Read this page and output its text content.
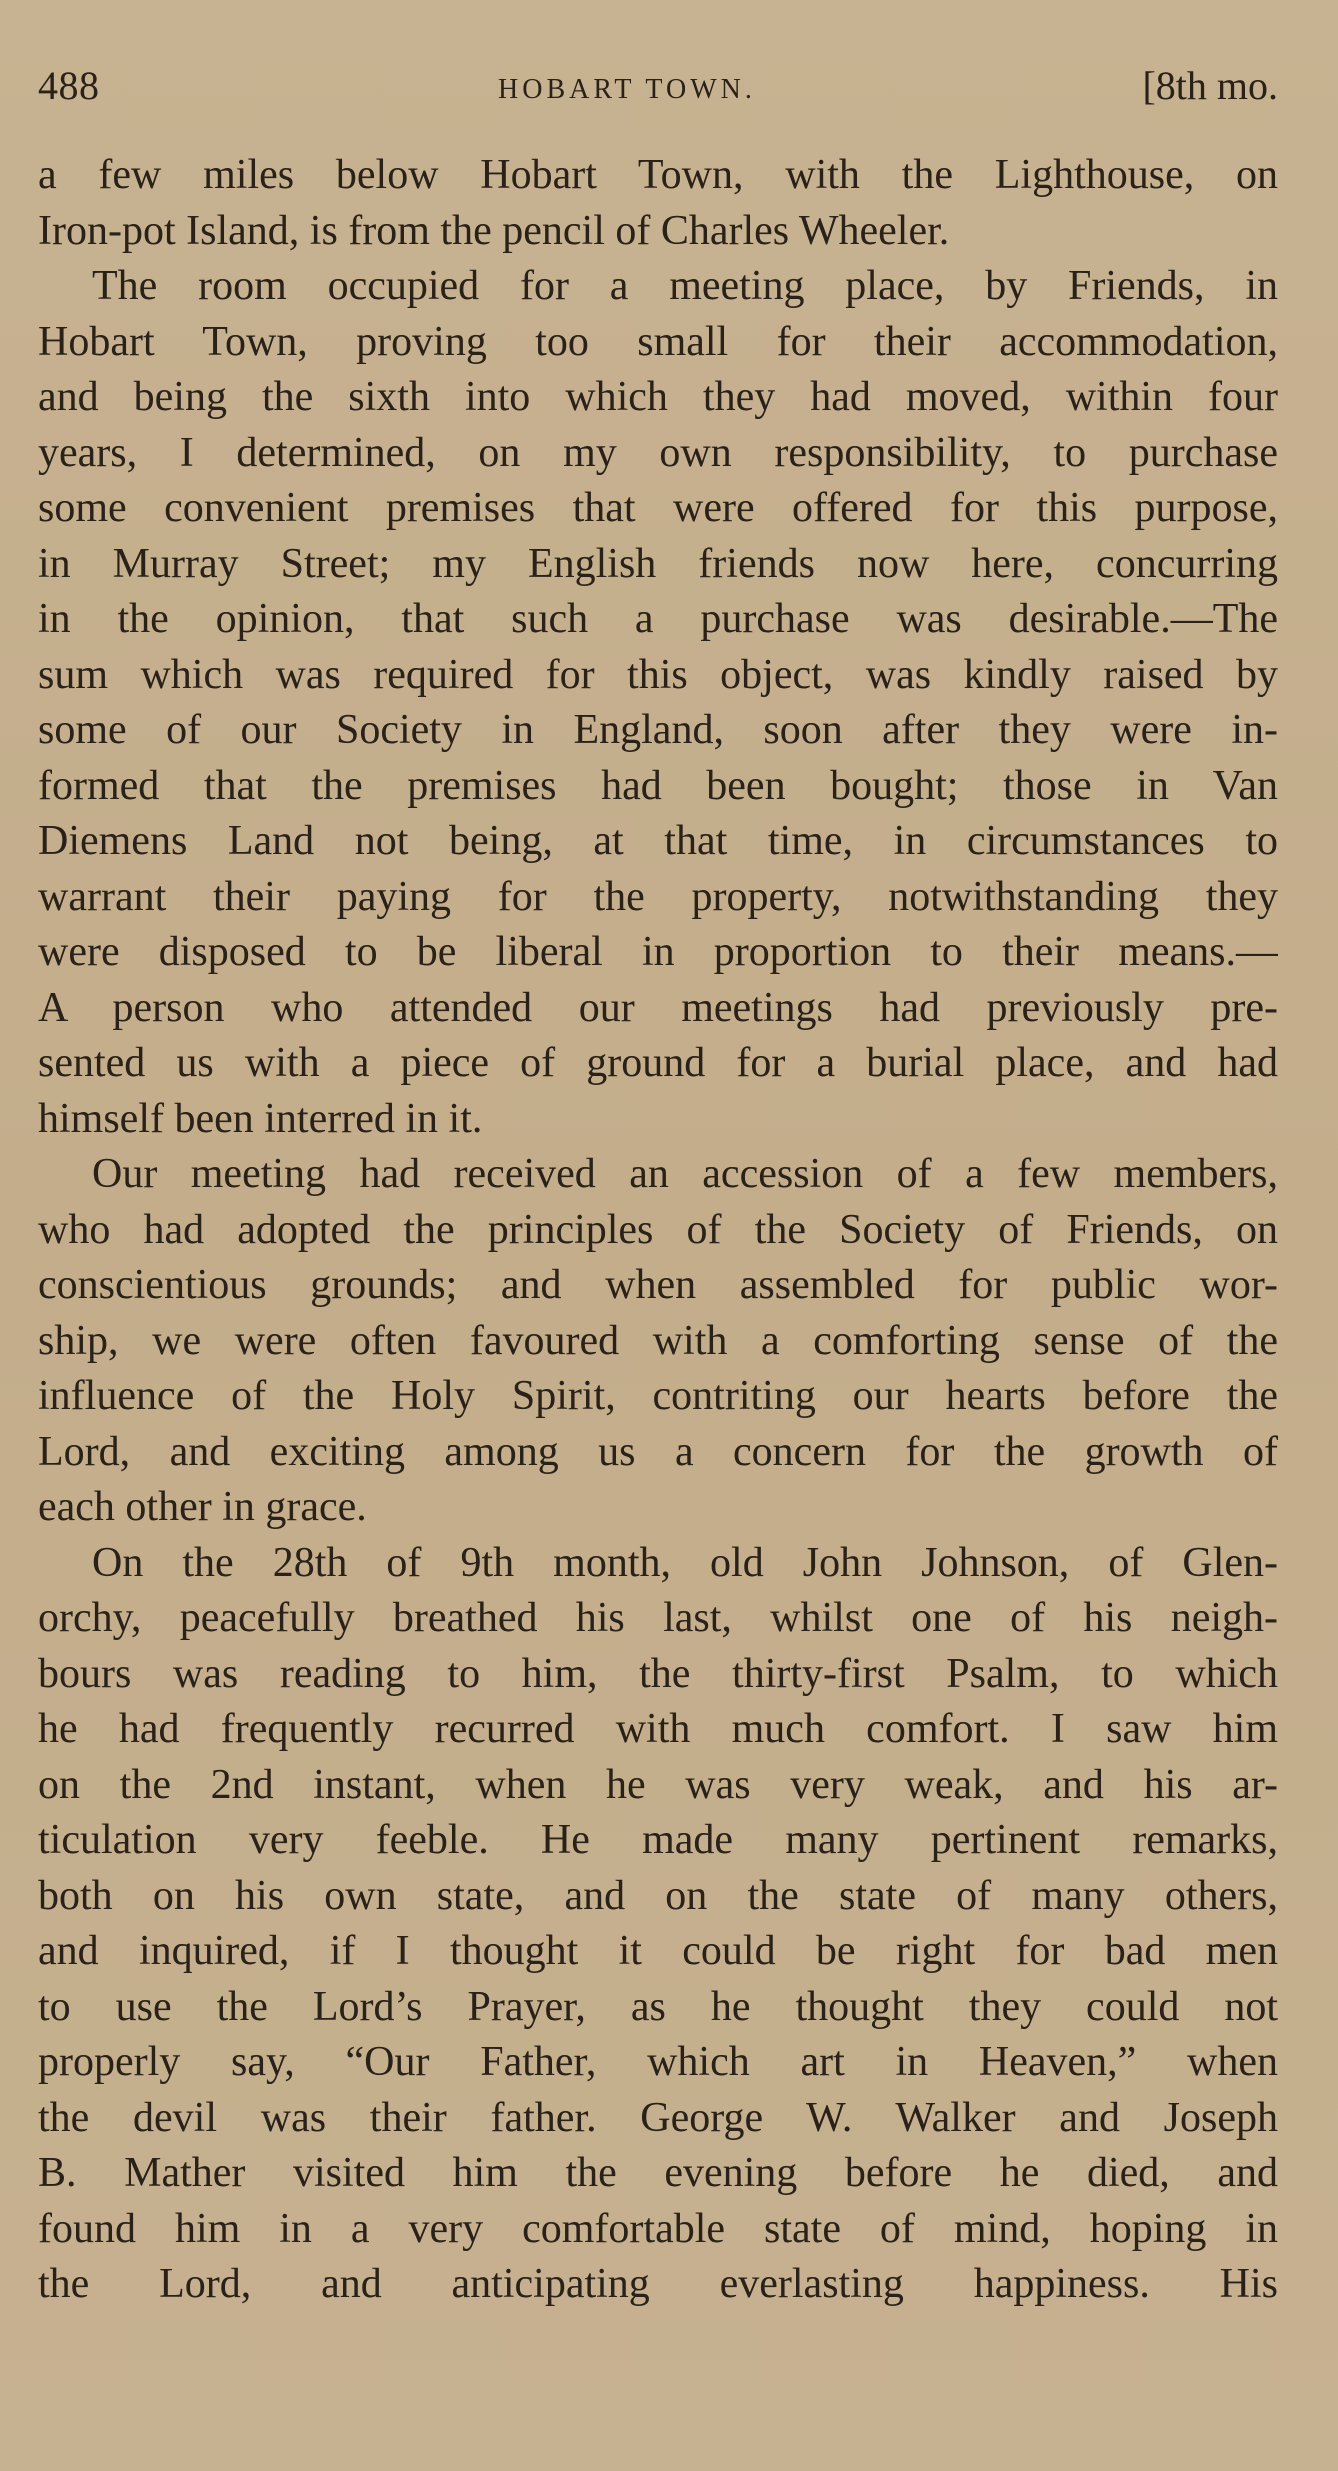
488	HOBART TOWN.	[8th mo.
a few miles below Hobart Town, with the Lighthouse, on
Iron-pot Island, is from the pencil of Charles Wheeler.
The room occupied for a meeting place, by Friends, in
Hobart Town, proving too small for their accommodation,
and being the sixth into which they had moved, within four
years, I determined, on my own responsibility, to purchase
some convenient premises that were offered for this purpose,
in Murray Street; my English friends now here, concurring
in the opinion, that such a purchase was desirable.—The
sum which was required for this object, was kindly raised by
some of our Society in England, soon after they were in-
formed that the premises had been bought; those in Van
Diemens Land not being, at that time, in circumstances to
warrant their paying for the property, notwithstanding they
were disposed to be liberal in proportion to their means.—
A person who attended our meetings had previously pre-
sented us with a piece of ground for a burial place, and had
himself been interred in it.
Our meeting had received an accession of a few members,
who had adopted the principles of the Society of Friends, on
conscientious grounds; and when assembled for public wor-
ship, we were often favoured with a comforting sense of the
influence of the Holy Spirit, contriting our hearts before the
Lord, and exciting among us a concern for the growth of
each other in grace.
On the 28th of 9th month, old John Johnson, of Glen-
orchy, peacefully breathed his last, whilst one of his neigh-
bours was reading to him, the thirty-first Psalm, to which
he had frequently recurred with much comfort. I saw him
on the 2nd instant, when he was very weak, and his ar-
ticulation very feeble. He made many pertinent remarks,
both on his own state, and on the state of many others,
and inquired, if I thought it could be right for bad men
to use the Lord’s Prayer, as he thought they could not
properly say, “Our Father, which art in Heaven,” when
the devil was their father. George W. Walker and Joseph
B. Mather visited him the evening before he died, and
found him in a very comfortable state of mind, hoping in
the Lord, and anticipating everlasting happiness. His
